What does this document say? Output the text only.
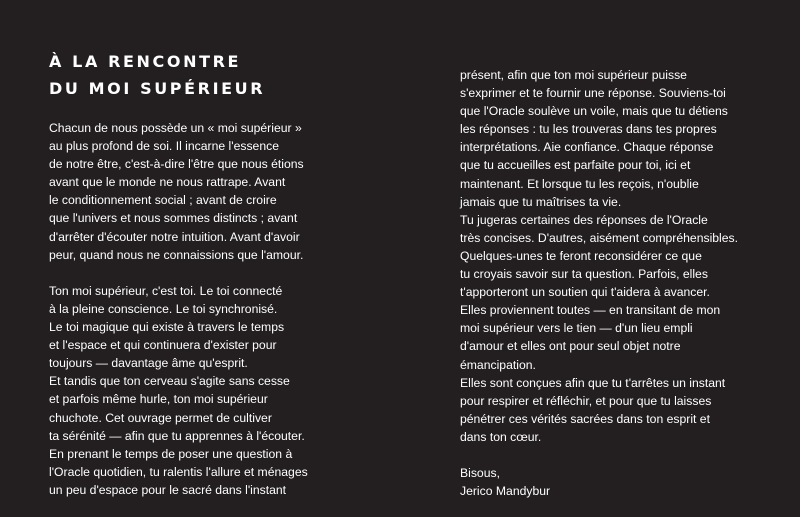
À LA RENCONTRE
DU MOI SUPÉRIEUR
Chacun de nous possède un « moi supérieur »
au plus profond de soi. Il incarne l'essence
de notre être, c'est-à-dire l'être que nous étions
avant que le monde ne nous rattrape. Avant
le conditionnement social ; avant de croire
que l'univers et nous sommes distincts ; avant
d'arrêter d'écouter notre intuition. Avant d'avoir
peur, quand nous ne connaissions que l'amour.
Ton moi supérieur, c'est toi. Le toi connecté
à la pleine conscience. Le toi synchronisé.
Le toi magique qui existe à travers le temps
et l'espace et qui continuera d'exister pour
toujours — davantage âme qu'esprit.
Et tandis que ton cerveau s'agite sans cesse
et parfois même hurle, ton moi supérieur
chuchote. Cet ouvrage permet de cultiver
ta sérénité — afin que tu apprennes à l'écouter.
En prenant le temps de poser une question à
l'Oracle quotidien, tu ralentis l'allure et ménages
un peu d'espace pour le sacré dans l'instant
présent, afin que ton moi supérieur puisse
s'exprimer et te fournir une réponse. Souviens-toi
que l'Oracle soulève un voile, mais que tu détiens
les réponses : tu les trouveras dans tes propres
interprétations. Aie confiance. Chaque réponse
que tu accueilles est parfaite pour toi, ici et
maintenant. Et lorsque tu les reçois, n'oublie
jamais que tu maîtrises ta vie.
Tu jugeras certaines des réponses de l'Oracle
très concises. D'autres, aisément compréhensibles.
Quelques-unes te feront reconsidérer ce que
tu croyais savoir sur ta question. Parfois, elles
t'apporteront un soutien qui t'aidera à avancer.
Elles proviennent toutes — en transitant de mon
moi supérieur vers le tien — d'un lieu empli
d'amour et elles ont pour seul objet notre
émancipation.
Elles sont conçues afin que tu t'arrêtes un instant
pour respirer et réfléchir, et pour que tu laisses
pénétrer ces vérités sacrées dans ton esprit et
dans ton cœur.
Bisous,
Jerico Mandybur
